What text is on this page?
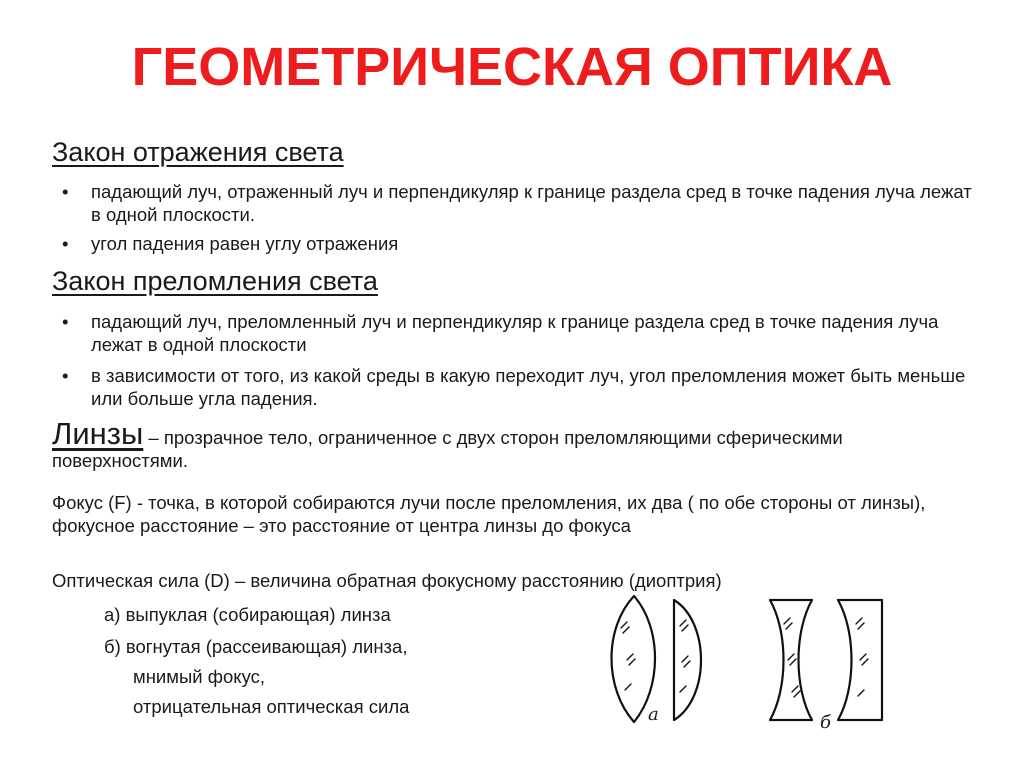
ГЕОМЕТРИЧЕСКАЯ ОПТИКА
Закон отражения света
• падающий луч, отраженный луч и перпендикуляр к границе раздела сред в точке падения луча лежат в одной плоскости.
• угол падения равен углу отражения
Закон преломления света
• падающий луч, преломленный луч и перпендикуляр к границе раздела сред в точке падения луча лежат в одной плоскости
• в зависимости от того, из какой среды в какую переходит луч, угол преломления может быть меньше или больше угла падения.
Линзы – прозрачное тело, ограниченное с двух сторон преломляющими сферическими поверхностями.
Фокус (F) - точка, в которой собираются лучи после преломления, их два ( по обе стороны от линзы), фокусное расстояние – это расстояние от центра линзы до фокуса
Оптическая сила (D) – величина обратная фокусному расстоянию (диоптрия)
а) выпуклая (собирающая) линза
б) вогнутая (рассеивающая) линза,
мнимый фокус,
отрицательная оптическая сила	а	б
